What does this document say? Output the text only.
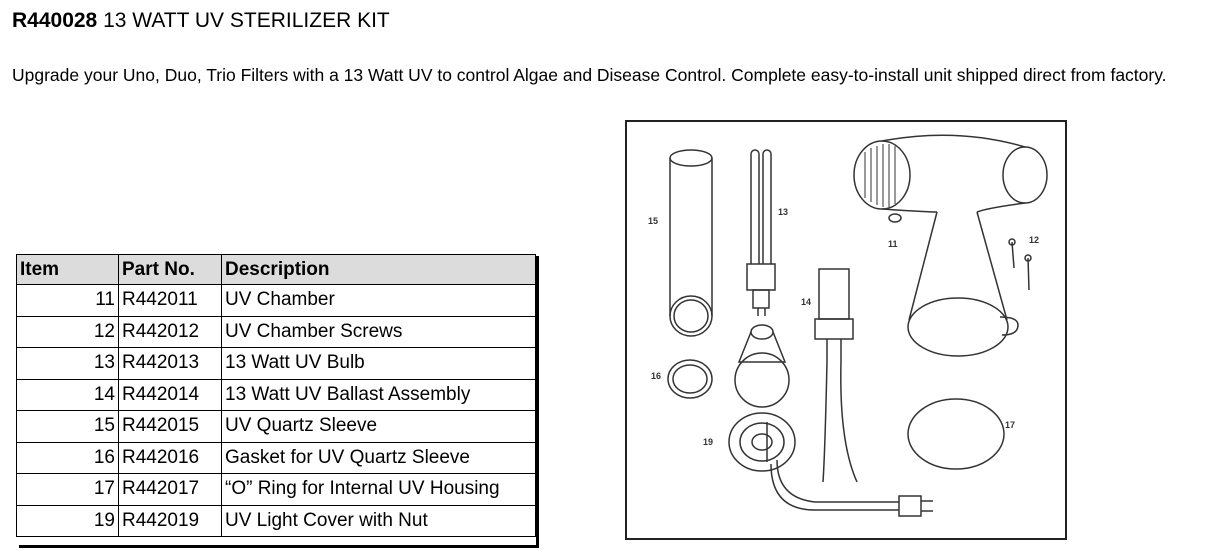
R440028 13 WATT UV STERILIZER KIT
Upgrade your Uno, Duo, Trio Filters with a 13 Watt UV to control Algae and Disease Control. Complete easy-to-install unit shipped direct from factory.
Item	Part No.	Description
11	R442011	UV Chamber
12	R442012	UV Chamber Screws
13	R442013	13 Watt UV Bulb
14	R442014	13 Watt UV Ballast Assembly
15	R442015	UV Quartz Sleeve
16	R442016	Gasket for UV Quartz Sleeve
17	R442017	“O” Ring for Internal UV Housing
19	R442019	UV Light Cover with Nut
15
13
11	12
14
16
17
19
